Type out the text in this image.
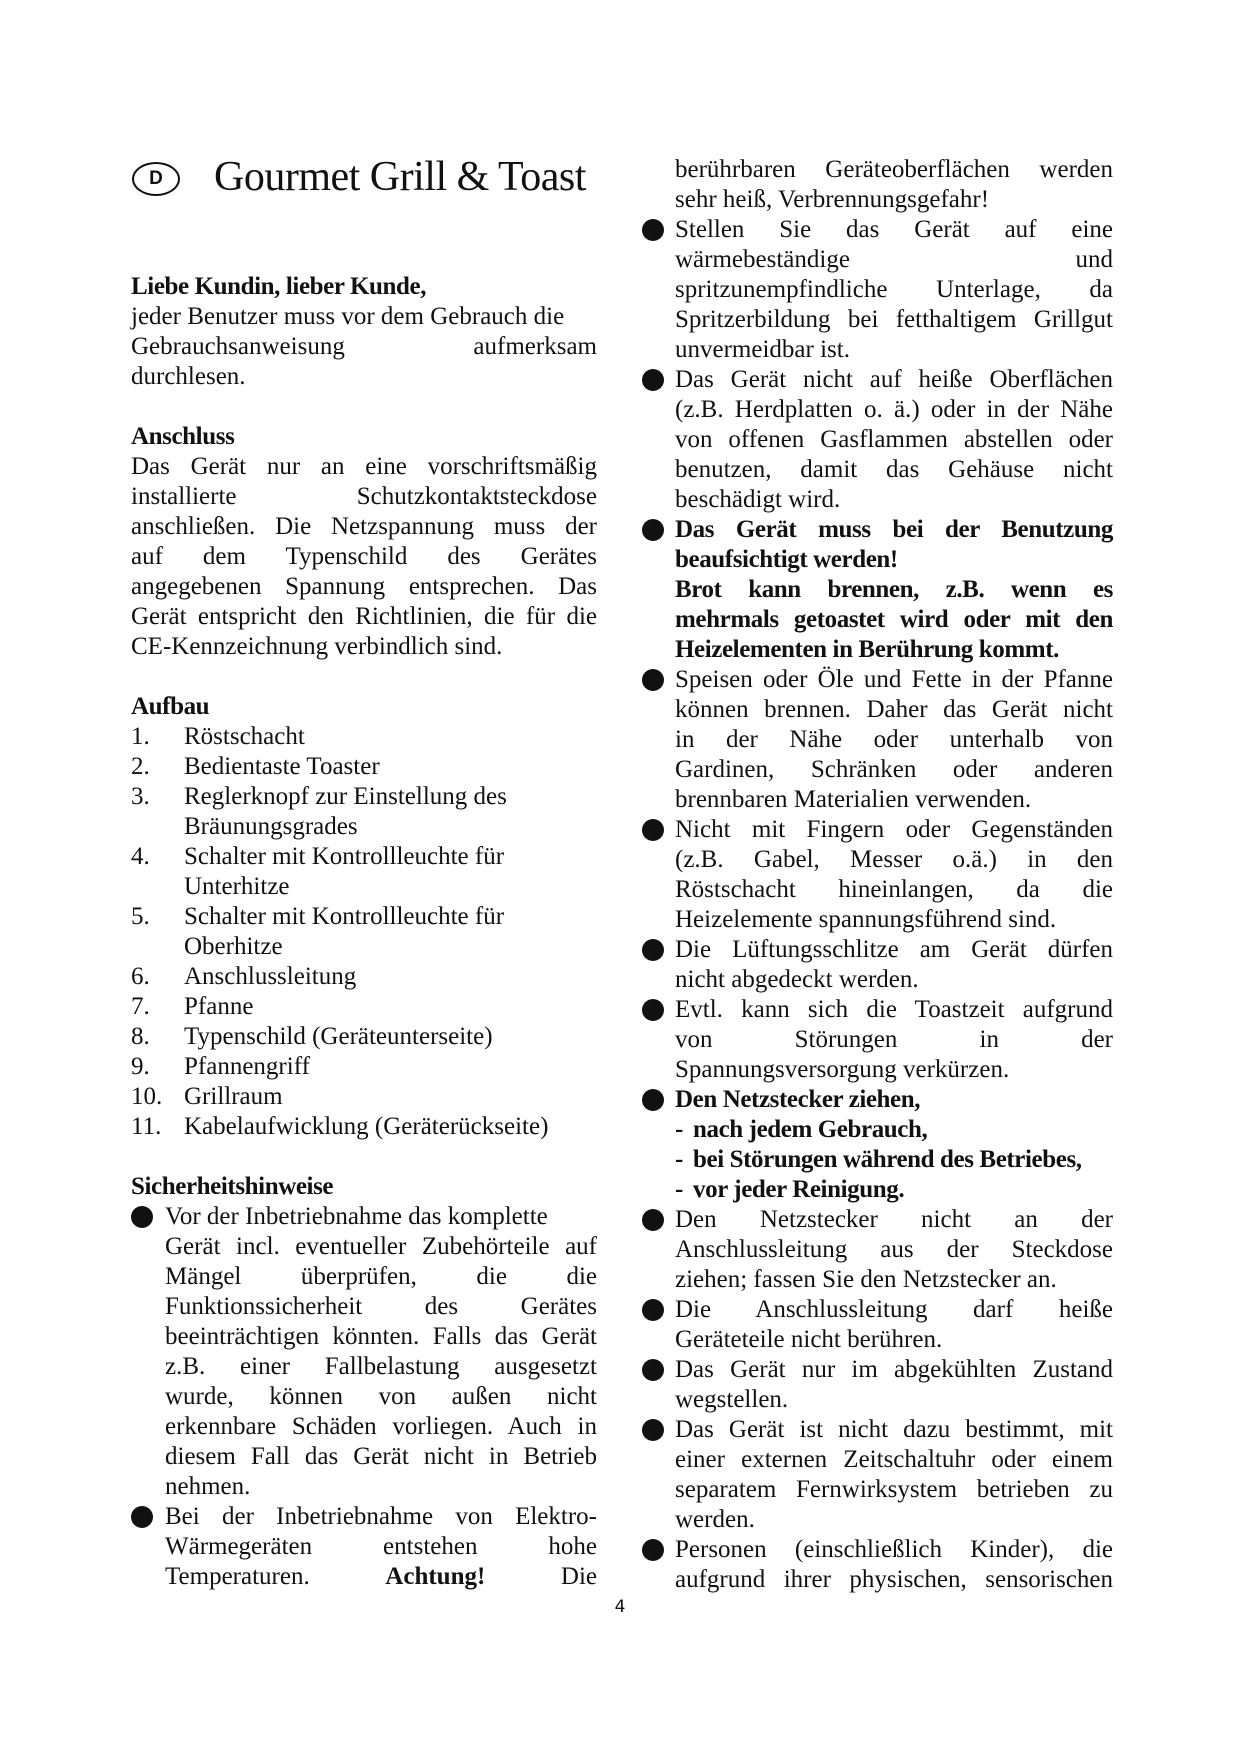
D	Gourmet Grill & Toast
Liebe Kundin, lieber Kunde,
jeder Benutzer muss vor dem Gebrauch die
Gebrauchsanweisung aufmerksam
durchlesen.
Anschluss
Das Gerät nur an eine vorschriftsmäßig
installierte Schutzkontaktsteckdose
anschließen. Die Netzspannung muss der
auf dem Typenschild des Gerätes
angegebenen Spannung entsprechen. Das
Gerät entspricht den Richtlinien, die für die
CE-Kennzeichnung verbindlich sind.
Aufbau
1.	Röstschacht
2.	Bedientaste Toaster
3.	Reglerknopf zur Einstellung des
Bräunungsgrades
4.	Schalter mit Kontrollleuchte für
Unterhitze
5.	Schalter mit Kontrollleuchte für
Oberhitze
6.	Anschlussleitung
7.	Pfanne
8.	Typenschild (Geräteunterseite)
9.	Pfannengriff
10. Grillraum
11. Kabelaufwicklung (Geräterückseite)
Sicherheitshinweise
Vor der Inbetriebnahme das komplette
Gerät incl. eventueller Zubehörteile auf
Mängel überprüfen, die die
Funktionssicherheit des Gerätes
beeinträchtigen könnten. Falls das Gerät
z.B. einer Fallbelastung ausgesetzt
wurde, können von außen nicht
erkennbare Schäden vorliegen. Auch in
diesem Fall das Gerät nicht in Betrieb
nehmen.
Bei der Inbetriebnahme von Elektro-
Wärmegeräten entstehen hohe
Temperaturen.	Achtung!	Die
berührbaren Geräteoberflächen werden
sehr heiß, Verbrennungsgefahr!
Stellen Sie das Gerät auf eine
wärmebeständige und
spritzunempfindliche Unterlage, da
Spritzerbildung bei fetthaltigem Grillgut
unvermeidbar ist.
Das Gerät nicht auf heiße Oberflächen
(z.B. Herdplatten o. ä.) oder in der Nähe
von offenen Gasflammen abstellen oder
benutzen, damit das Gehäuse nicht
beschädigt wird.
Das Gerät muss bei der Benutzung
beaufsichtigt werden!
Brot kann brennen, z.B. wenn es
mehrmals getoastet wird oder mit den
Heizelementen in Berührung kommt.
Speisen oder Öle und Fette in der Pfanne
können brennen. Daher das Gerät nicht
in der Nähe oder unterhalb von
Gardinen, Schränken oder anderen
brennbaren Materialien verwenden.
Nicht mit Fingern oder Gegenständen
(z.B. Gabel, Messer o.ä.) in den
Röstschacht hineinlangen, da die
Heizelemente spannungsführend sind.
Die Lüftungsschlitze am Gerät dürfen
nicht abgedeckt werden.
Evtl. kann sich die Toastzeit aufgrund
von Störungen in der
Spannungsversorgung verkürzen.
Den Netzstecker ziehen,
- nach jedem Gebrauch,
- bei Störungen während des Betriebes,
- vor jeder Reinigung.
Den Netzstecker nicht an der
Anschlussleitung aus der Steckdose
ziehen; fassen Sie den Netzstecker an.
Die Anschlussleitung darf heiße
Geräteteile nicht berühren.
Das Gerät nur im abgekühlten Zustand
wegstellen.
Das Gerät ist nicht dazu bestimmt, mit
einer externen Zeitschaltuhr oder einem
separatem Fernwirksystem betrieben zu
werden.
Personen (einschließlich Kinder), die
aufgrund ihrer physischen, sensorischen
4
